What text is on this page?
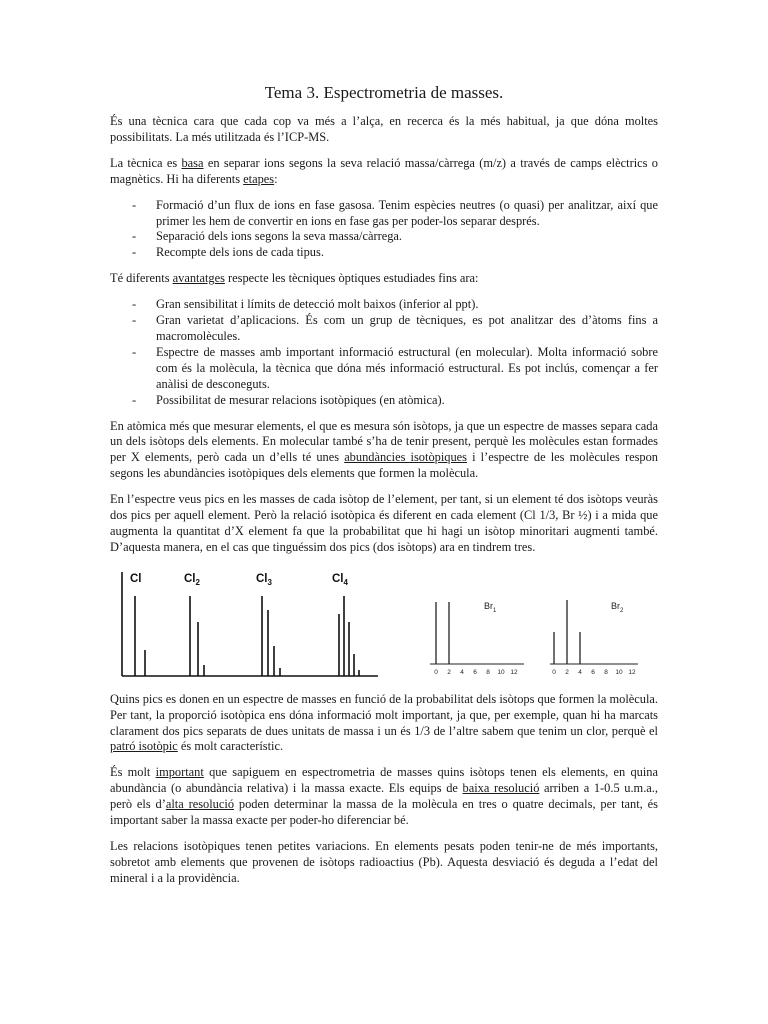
Tema 3. Espectrometria de masses.

És una tècnica cara que cada cop va més a l’alça, en recerca és la més habitual, ja que dóna moltes possibilitats. La més utilitzada és l’ICP-MS.

La tècnica es basa en separar ions segons la seva relació massa/càrrega (m/z) a través de camps elèctrics o magnètics. Hi ha diferents etapes:

- Formació d’un flux de ions en fase gasosa. Tenim espècies neutres (o quasi) per analitzar, així que primer les hem de convertir en ions en fase gas per poder-los separar després.
- Separació dels ions segons la seva massa/càrrega.
- Recompte dels ions de cada tipus.

Té diferents avantatges respecte les tècniques òptiques estudiades fins ara:

- Gran sensibilitat i límits de detecció molt baixos (inferior al ppt).
- Gran varietat d’aplicacions. És com un grup de tècniques, es pot analitzar des d’àtoms fins a macromolècules.
- Espectre de masses amb important informació estructural (en molecular). Molta informació sobre com és la molècula, la tècnica que dóna més informació estructural. Es pot inclús, començar a fer anàlisi de desconeguts.
- Possibilitat de mesurar relacions isotòpiques (en atòmica).

En atòmica més que mesurar elements, el que es mesura són isòtops, ja que un espectre de masses separa cada un dels isòtops dels elements. En molecular també s’ha de tenir present, perquè les molècules estan formades per X elements, però cada un d’ells té unes abundàncies isotòpiques i l’espectre de les molècules respon segons les abundàncies isotòpiques dels elements que formen la molècula.

En l’espectre veus pics en les masses de cada isòtop de l’element, per tant, si un element té dos isòtops veuràs dos pics per aquell element. Però la relació isotòpica és diferent en cada element (Cl 1/3, Br ½) i a mida que augmenta la quantitat d’X element fa que la probabilitat que hi hagi un isòtop minoritari augmenti també. D’aquesta manera, en el cas que tinguéssim dos pics (dos isòtops) ara en tindrem tres.

Cl	$Cl_2$	$Cl_3$	$Cl_4$
$Br_1$	$Br_2$
0 2 4 6 8 10 12	0 2 4 6 8 10 12

Quins pics es donen en un espectre de masses en funció de la probabilitat dels isòtops que formen la molècula. Per tant, la proporció isotòpica ens dóna informació molt important, ja que, per exemple, quan hi ha marcats clarament dos pics separats de dues unitats de massa i un és 1/3 de l’altre sabem que tenim un clor, perquè el patró isotòpic és molt característic.

És molt important que sapiguem en espectrometria de masses quins isòtops tenen els elements, en quina abundància (o abundància relativa) i la massa exacte. Els equips de baixa resolució arriben a 1-0.5 u.m.a., però els d’alta resolució poden determinar la massa de la molècula en tres o quatre decimals, per tant, és important saber la massa exacte per poder-ho diferenciar bé.

Les relacions isotòpiques tenen petites variacions. En elements pesats poden tenir-ne de més importants, sobretot amb elements que provenen de isòtops radioactius (Pb). Aquesta desviació és deguda a l’edat del mineral i a la providència.
